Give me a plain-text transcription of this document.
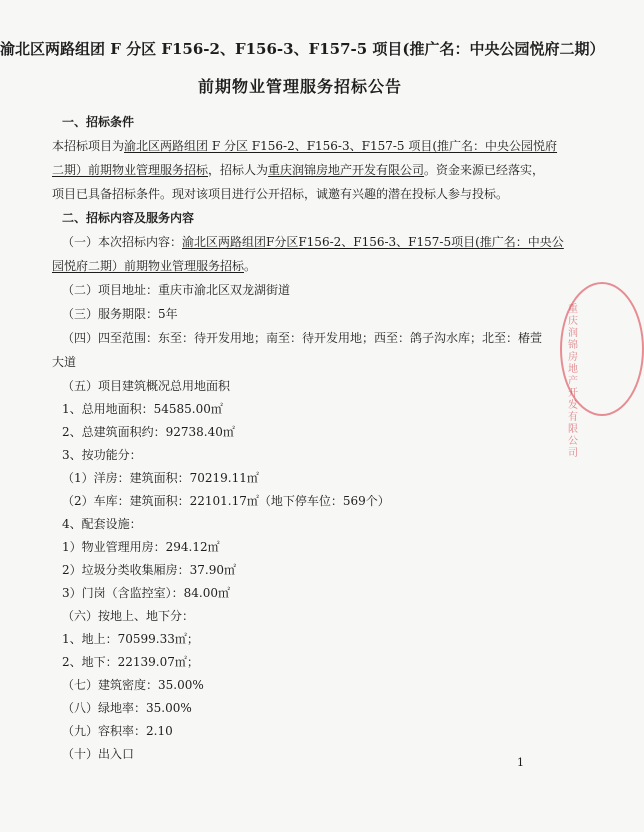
渝北区两路组团 F 分区 F156-2、F156-3、F157-5 项目(推广名：中央公园悦府二期）
前期物业管理服务招标公告
一、招标条件
本招标项目为渝北区两路组团 F 分区 F156-2、F156-3、F157-5 项目(推广名：中央公园悦府
二期）前期物业管理服务招标，招标人为重庆润锦房地产开发有限公司。资金来源已经落实，
项目已具备招标条件。现对该项目进行公开招标，诚邀有兴趣的潜在投标人参与投标。
二、招标内容及服务内容
（一）本次招标内容：渝北区两路组团F分区F156-2、F156-3、F157-5项目(推广名：中央公
园悦府二期）前期物业管理服务招标。
（二）项目地址：重庆市渝北区双龙湖街道
（三）服务期限：5年
（四）四至范围：东至：待开发用地；南至：待开发用地；西至：鸽子沟水库；北至：椿萱
大道
（五）项目建筑概况总用地面积
1、总用地面积：54585.00㎡
2、总建筑面积约：92738.40㎡
3、按功能分：
（1）洋房：建筑面积：70219.11㎡
（2）车库：建筑面积：22101.17㎡（地下停车位：569个）
4、配套设施：
1）物业管理用房：294.12㎡
2）垃圾分类收集厢房：37.90㎡
3）门岗（含监控室）：84.00㎡
（六）按地上、地下分：
1、地上：70599.33㎡；
2、地下：22139.07㎡；
（七）建筑密度：35.00%
（八）绿地率：35.00%
（九）容积率：2.10
（十）出入口
1
重庆润锦房地产开发有限公司
